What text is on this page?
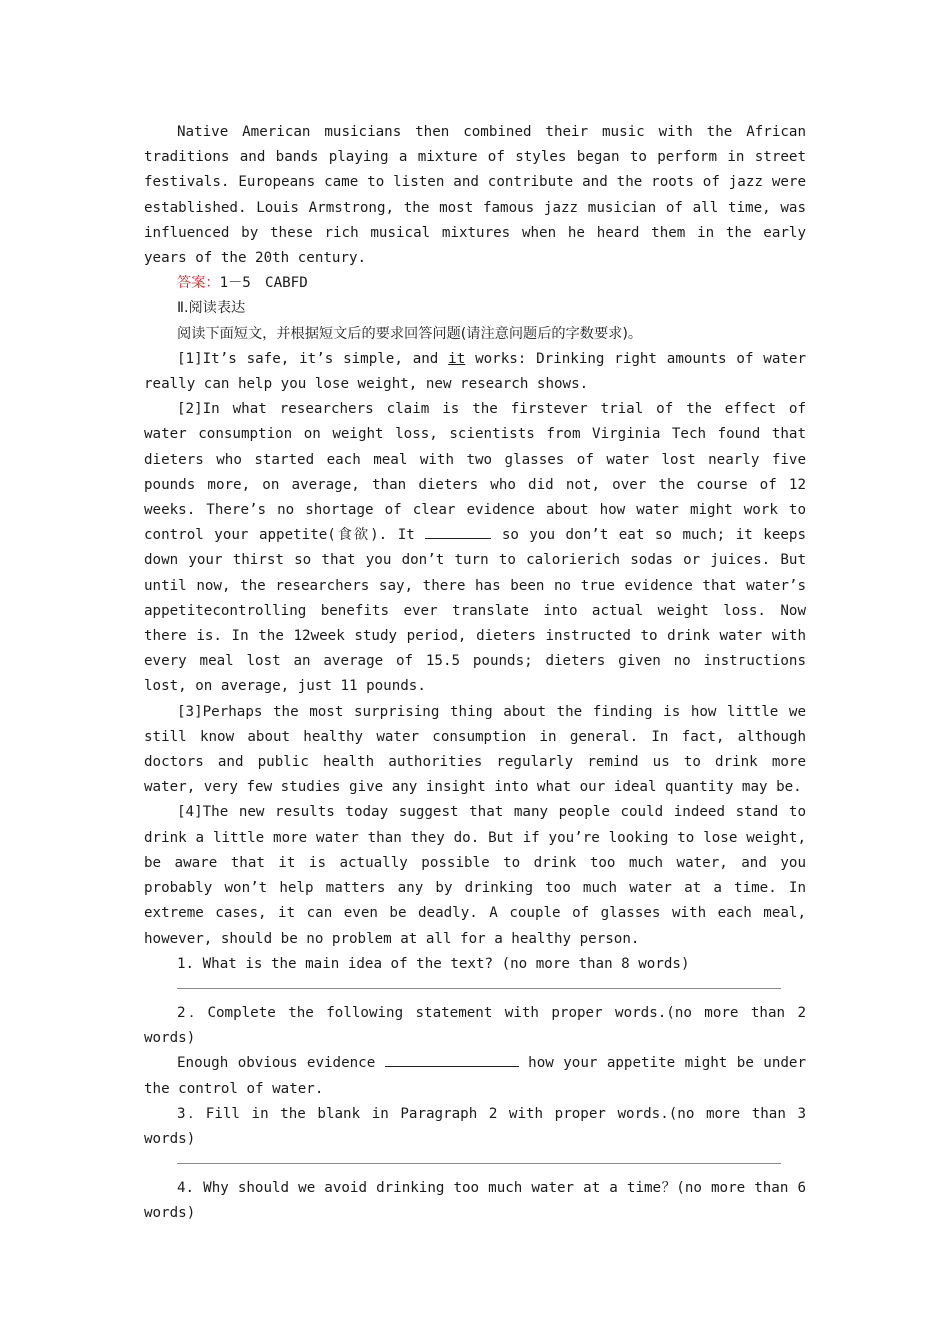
Native American musicians then combined their music with the African traditions and bands playing a mixture of styles began to perform in street festivals. Europeans came to listen and contribute and the roots of jazz were established. Louis Armstrong, the most famous jazz musician of all time, was influenced by these rich musical mixtures when he heard them in the early years of the 20th century.

答案：1－5　CABFD

Ⅱ.阅读表达

阅读下面短文，并根据短文后的要求回答问题(请注意问题后的字数要求)。

[1]It’s safe, it’s simple, and it works: Drinking right amounts of water really can help you lose weight, new research shows.

[2]In what researchers claim is the firstever trial of the effect of water consumption on weight loss, scientists from Virginia Tech found that dieters who started each meal with two glasses of water lost nearly five pounds more, on average, than dieters who did not, over the course of 12 weeks. There’s no shortage of clear evidence about how water might work to control your appetite(食欲). It	so you don’t eat so much; it keeps down your thirst so that you don’t turn to calorierich sodas or juices. But until now, the researchers say, there has been no true evidence that water’s appetitecontrolling benefits ever translate into actual weight loss. Now there is. In the 12week study period, dieters instructed to drink water with every meal lost an average of 15.5 pounds; dieters given no instructions lost, on average, just 11 pounds.

[3]Perhaps the most surprising thing about the finding is how little we still know about healthy water consumption in general. In fact, although doctors and public health authorities regularly remind us to drink more water, very few studies give any insight into what our ideal quantity may be.

[4]The new results today suggest that many people could indeed stand to drink a little more water than they do. But if you’re looking to lose weight, be aware that it is actually possible to drink too much water, and you probably won’t help matters any by drinking too much water at a time. In extreme cases, it can even be deadly. A couple of glasses with each meal, however, should be no problem at all for a healthy person.

1. What is the main idea of the text? (no more than 8 words)

2．Complete the following statement with proper words.(no more than 2 words)

Enough obvious evidence	how your appetite might be under the control of water.

3．Fill in the blank in Paragraph 2 with proper words.(no more than 3 words)

4. Why should we avoid drinking too much water at a time？(no more than 6 words)
